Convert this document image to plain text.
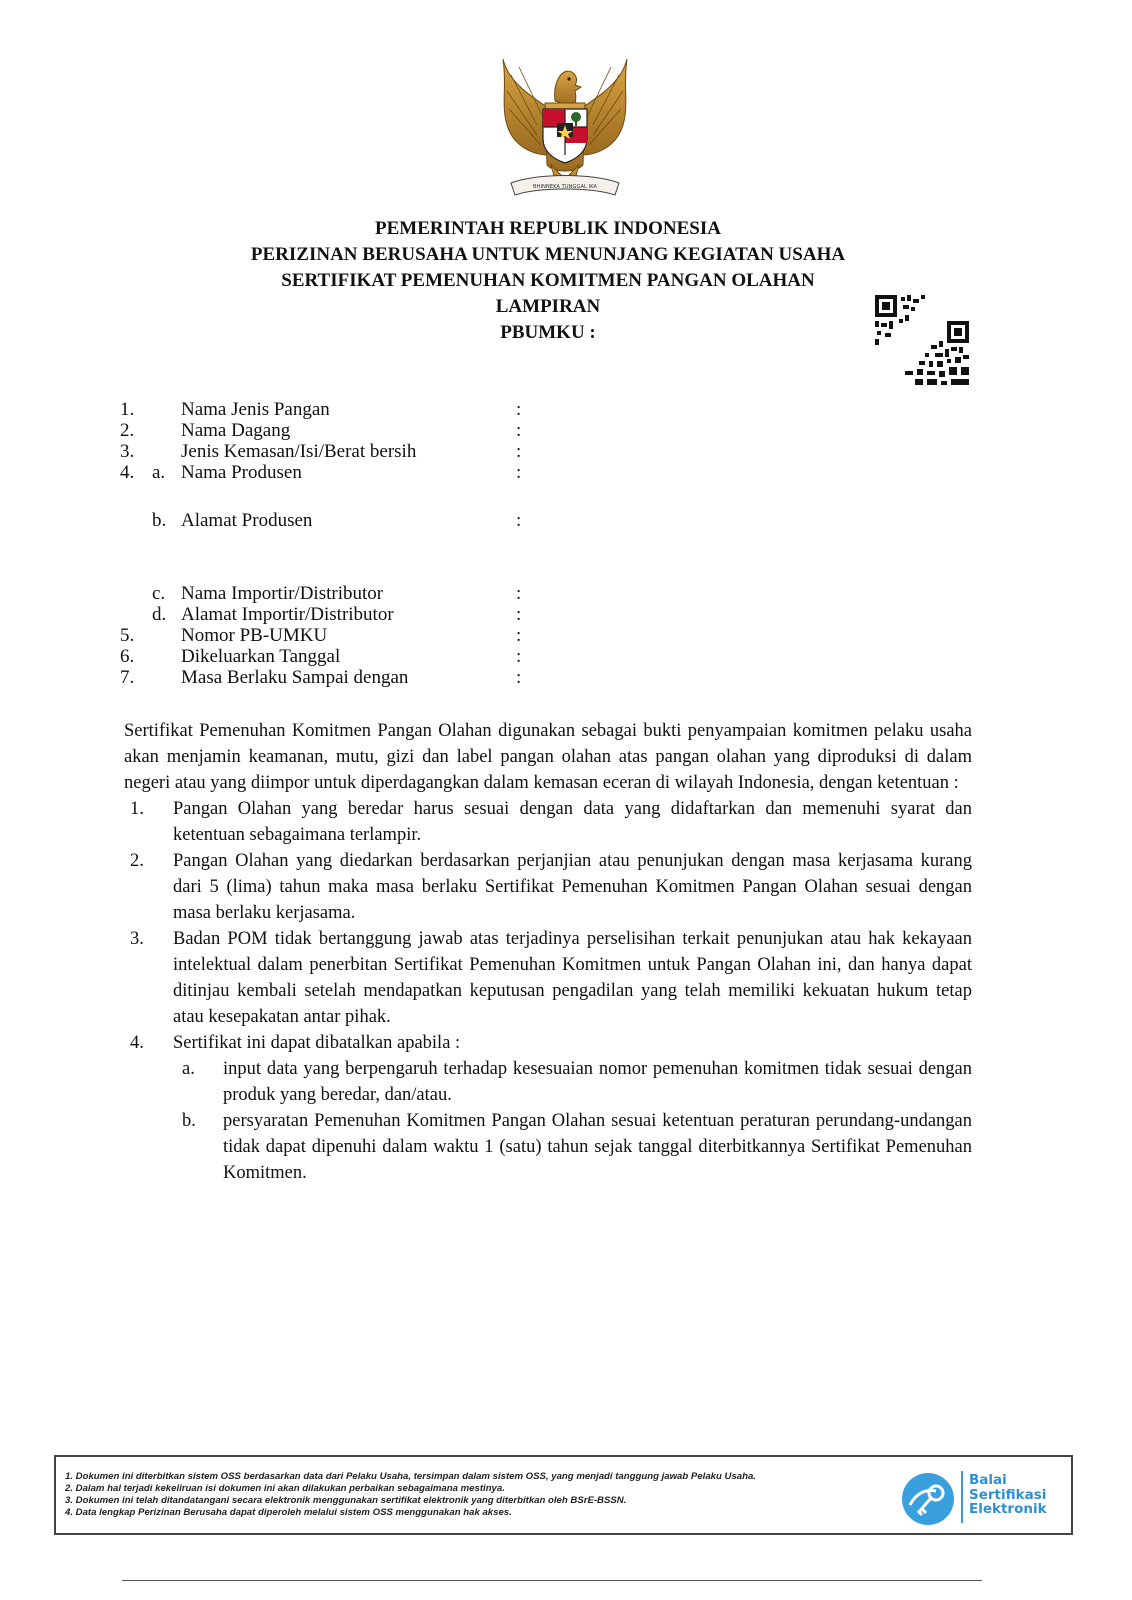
BHINNEKA TUNGGAL IKA
PEMERINTAH REPUBLIK INDONESIA
PERIZINAN BERUSAHA UNTUK MENUNJANG KEGIATAN USAHA
SERTIFIKAT PEMENUHAN KOMITMEN PANGAN OLAHAN
LAMPIRAN
PBUMKU :
1. Nama Jenis Pangan	:
2. Nama Dagang	:
3. Jenis Kemasan/Isi/Berat bersih	:
4. a. Nama Produsen	:
b. Alamat Produsen	:
c. Nama Importir/Distributor	:
d. Alamat Importir/Distributor	:
5. Nomor PB-UMKU	:
6. Dikeluarkan Tanggal	:
7. Masa Berlaku Sampai dengan	:

Sertifikat Pemenuhan Komitmen Pangan Olahan digunakan sebagai bukti penyampaian komitmen pelaku usaha akan menjamin keamanan, mutu, gizi dan label pangan olahan atas pangan olahan yang diproduksi di dalam negeri atau yang diimpor untuk diperdagangkan dalam kemasan eceran di wilayah Indonesia, dengan ketentuan :

1. Pangan Olahan yang beredar harus sesuai dengan data yang didaftarkan dan memenuhi syarat dan ketentuan sebagaimana terlampir.
2. Pangan Olahan yang diedarkan berdasarkan perjanjian atau penunjukan dengan masa kerjasama kurang dari 5 (lima) tahun maka masa berlaku Sertifikat Pemenuhan Komitmen Pangan Olahan sesuai dengan masa berlaku kerjasama.
3. Badan POM tidak bertanggung jawab atas terjadinya perselisihan terkait penunjukan atau hak kekayaan intelektual dalam penerbitan Sertifikat Pemenuhan Komitmen untuk Pangan Olahan ini, dan hanya dapat ditinjau kembali setelah mendapatkan keputusan pengadilan yang telah memiliki kekuatan hukum tetap atau kesepakatan antar pihak.
4. Sertifikat ini dapat dibatalkan apabila :
a. input data yang berpengaruh terhadap kesesuaian nomor pemenuhan komitmen tidak sesuai dengan produk yang beredar, dan/atau.
b. persyaratan Pemenuhan Komitmen Pangan Olahan sesuai ketentuan peraturan perundang-undangan tidak dapat dipenuhi dalam waktu 1 (satu) tahun sejak tanggal diterbitkannya Sertifikat Pemenuhan Komitmen.
1. Dokumen ini diterbitkan sistem OSS berdasarkan data dari Pelaku Usaha, tersimpan dalam sistem OSS, yang menjadi tanggung jawab Pelaku Usaha.
2. Dalam hal terjadi kekeliruan isi dokumen ini akan dilakukan perbaikan sebagaimana mestinya.
3. Dokumen ini telah ditandatangani secara elektronik menggunakan sertifikat elektronik yang diterbitkan oleh BSrE-BSSN.
4. Data lengkap Perizinan Berusaha dapat diperoleh melalui sistem OSS menggunakan hak akses.
Balai
Sertifikasi
Elektronik
